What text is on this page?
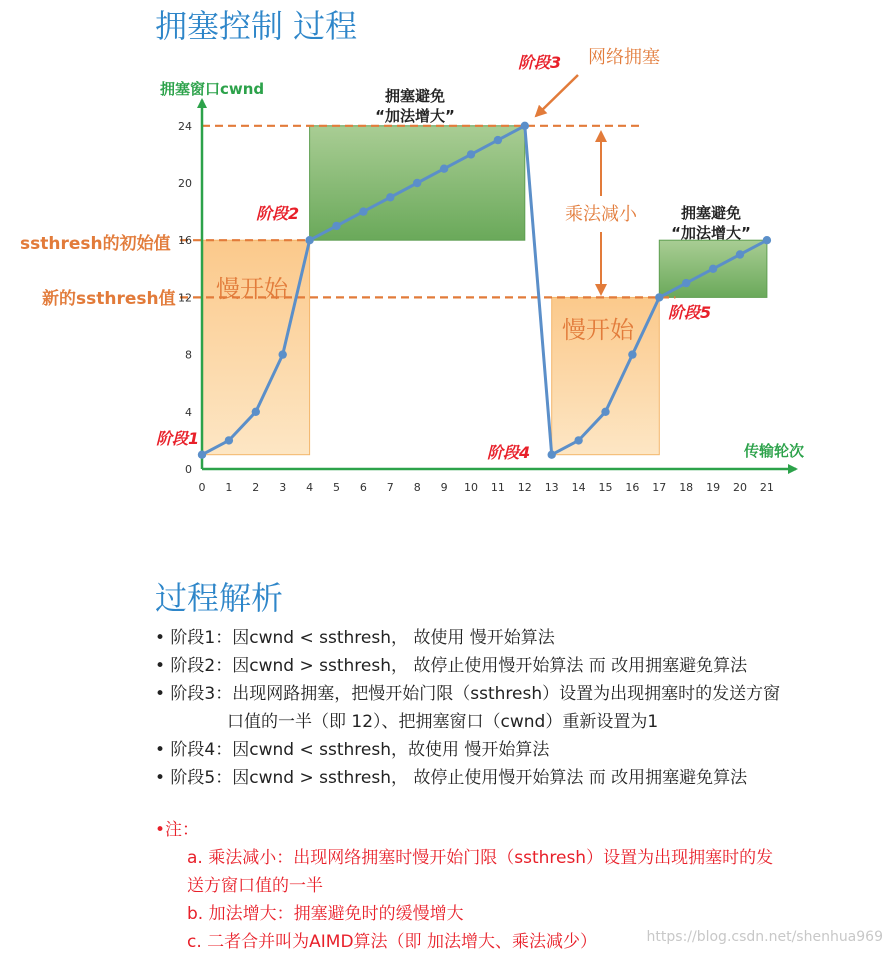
拥塞控制 过程
拥塞窗口cwnd
传输轮次
0 1 2 3 4 5 6 7 8 9 10 11 12 13 14 15 16 17 18 19 20 21
0
4
8
12
16
20
24
慢开始
慢开始
拥塞避免
“加法增大”
拥塞避免
“加法增大”
ssthresh的初始值
新的ssthresh值
阶段1
阶段2
阶段3
阶段4
阶段5
网络拥塞
乘法减小
过程解析
• 阶段1：因cwnd < ssthresh， 故使用 慢开始算法
• 阶段2：因cwnd > ssthresh， 故停止使用慢开始算法 而 改用拥塞避免算法
• 阶段3：出现网路拥塞，把慢开始门限（ssthresh）设置为出现拥塞时的发送方窗
口值的一半（即 12）、把拥塞窗口（cwnd）重新设置为1
• 阶段4：因cwnd < ssthresh，故使用 慢开始算法
• 阶段5：因cwnd > ssthresh， 故停止使用慢开始算法 而 改用拥塞避免算法
•注：
a. 乘法减小：出现网络拥塞时慢开始门限（ssthresh）设置为出现拥塞时的发
送方窗口值的一半
b. 加法增大：拥塞避免时的缓慢增大
c. 二者合并叫为AIMD算法（即 加法增大、乘法减少）	https://blog.csdn.net/shenhua969
